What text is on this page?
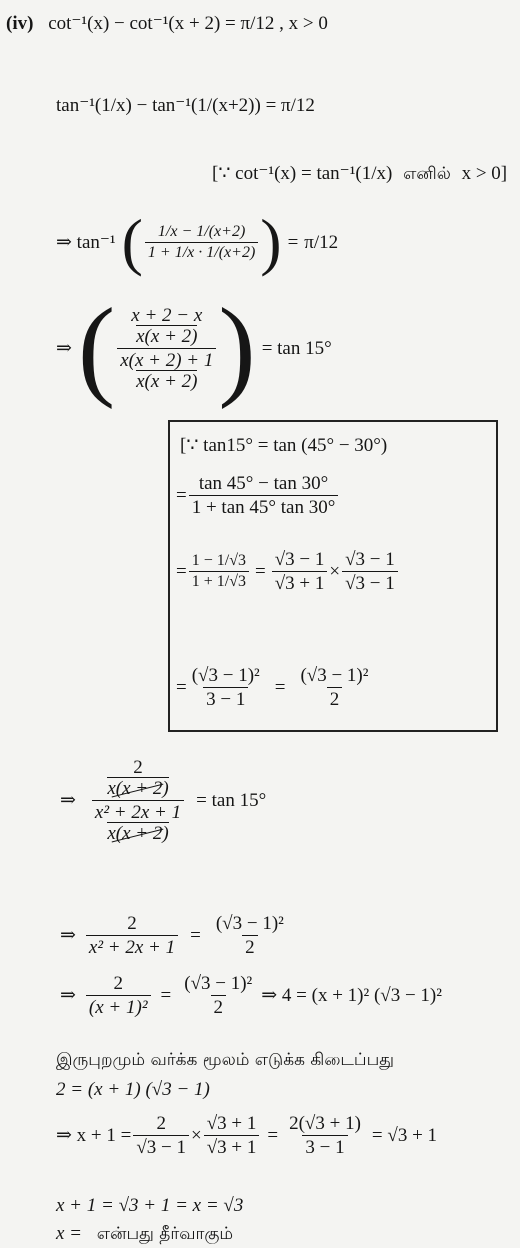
(iv) cot⁻¹(x) − cot⁻¹(x + 2) = π/12 , x > 0
tan⁻¹(1/x) − tan⁻¹(1/(x+2)) = π/12
[∵ cot⁻¹(x) = tan⁻¹(1/x) எனில் x > 0]
⇒ tan⁻¹ ( $\frac{1/x - 1/(x+2)}{1 + 1/x \cdot 1/(x+2)}$ ) = π/12
⇒ ( x + 2 − x
x(x + 2)
x(x + 2) + 1
x(x + 2) ) = tan 15°
[∵ tan15° = tan (45° − 30°)
= $\frac{\tan 45^\circ - \tan 30^\circ}{1 + \tan 45^\circ \tan 30^\circ}$
= $\frac{1 - 1/√3}{1 + 1/√3} = \frac{√3 - 1}{√3 + 1} \times \frac{√3 - 1}{√3 - 1}$
= $\frac{\text{(√3 − 1)²}}{3 - 1} = \frac{\text{(√3 − 1)²}}{2}$
⇒ 2
x(x + 2)
x² + 2x + 1
x(x + 2) = tan 15°
⇒ $\frac{2}{\text{x² + 2x + 1}} = \frac{\text{(√3 − 1)²}}{2}$
⇒ $\frac{2}{\text{(x + 1)²}} = \frac{\text{(√3 − 1)²}}{2}$ ⇒ 4 = (x + 1)² (√3 − 1)²
இருபுறமும் வர்க்க மூலம் எடுக்க கிடைப்பது
2 = (x + 1) (√3 − 1)
⇒ $x + 1 = \frac{2}{√3 - 1} \times \frac{√3 + 1}{√3 + 1} = \frac{2(√3 + 1)}{3 - 1} = √3 + 1$
x + 1 = √3 + 1 = x = √3
x = என்பது தீர்வாகும்
